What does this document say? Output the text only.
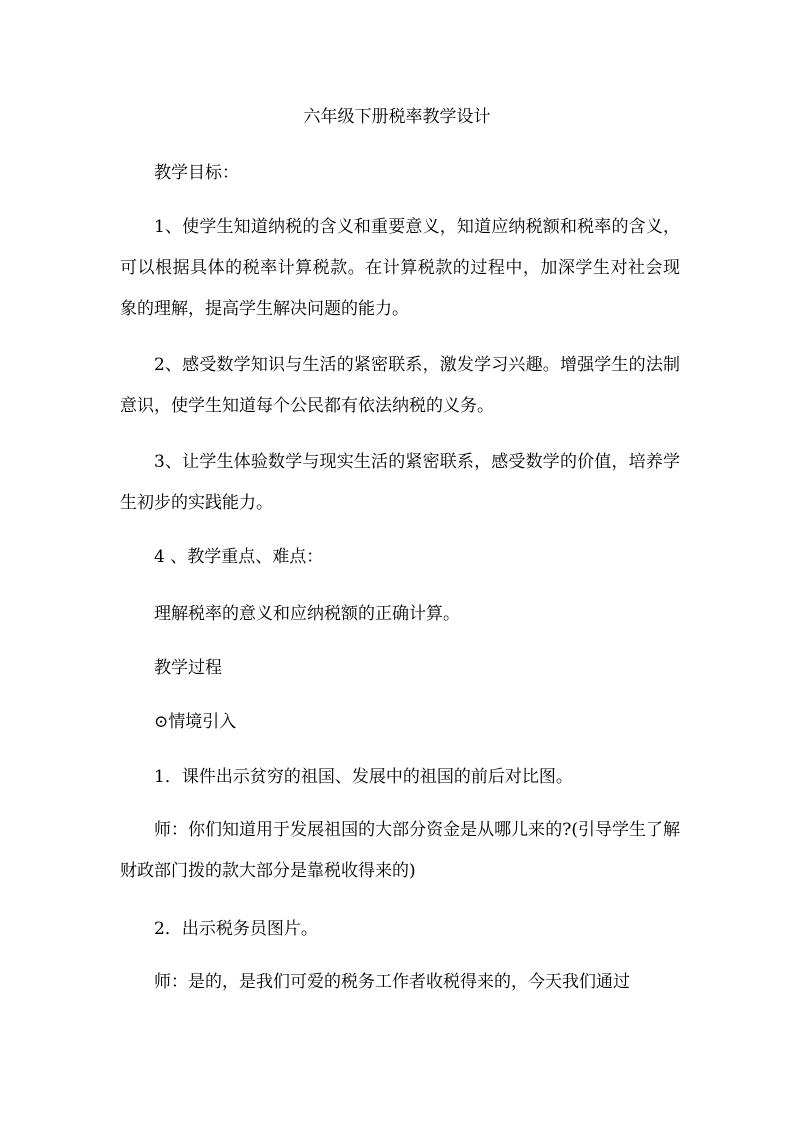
六年级下册税率教学设计
教学目标：
1、使学生知道纳税的含义和重要意义，知道应纳税额和税率的含义，可以根据具体的税率计算税款。在计算税款的过程中，加深学生对社会现象的理解，提高学生解决问题的能力。
2、感受数学知识与生活的紧密联系，激发学习兴趣。增强学生的法制意识，使学生知道每个公民都有依法纳税的义务。
3、让学生体验数学与现实生活的紧密联系，感受数学的价值，培养学生初步的实践能力。
4 、教学重点、难点：
理解税率的意义和应纳税额的正确计算。
教学过程
⊙情境引入
1．课件出示贫穷的祖国、发展中的祖国的前后对比图。
师：你们知道用于发展祖国的大部分资金是从哪儿来的?(引导学生了解财政部门拨的款大部分是靠税收得来的)
2．出示税务员图片。
师：是的，是我们可爱的税务工作者收税得来的，今天我们通过
